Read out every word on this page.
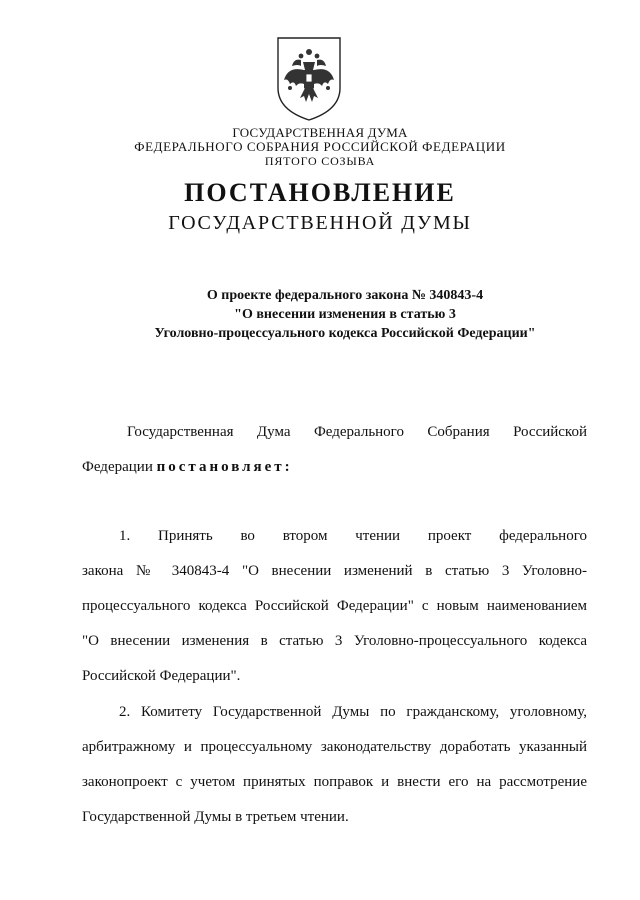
ГОСУДАРСТВЕННАЯ ДУМА
ФЕДЕРАЛЬНОГО СОБРАНИЯ РОССИЙСКОЙ ФЕДЕРАЦИИ
ПЯТОГО СОЗЫВА
ПОСТАНОВЛЕНИЕ
ГОСУДАРСТВЕННОЙ ДУМЫ
О проекте федерального закона № 340843-4
"О внесении изменения в статью 3
Уголовно-процессуального кодекса Российской Федерации"
Государственная Дума Федерального Собрания Российской
Федерации постановляет:
1. Принять во втором чтении проект федерального
закона № 340843-4 "О внесении изменений в статью 3 Уголовно-
процессуального кодекса Российской Федерации" с новым наименованием
"О внесении изменения в статью 3 Уголовно-процессуального кодекса
Российской Федерации".
2. Комитету Государственной Думы по гражданскому, уголовному,
арбитражному и процессуальному законодательству доработать указанный
законопроект с учетом принятых поправок и внести его на рассмотрение
Государственной Думы в третьем чтении.
